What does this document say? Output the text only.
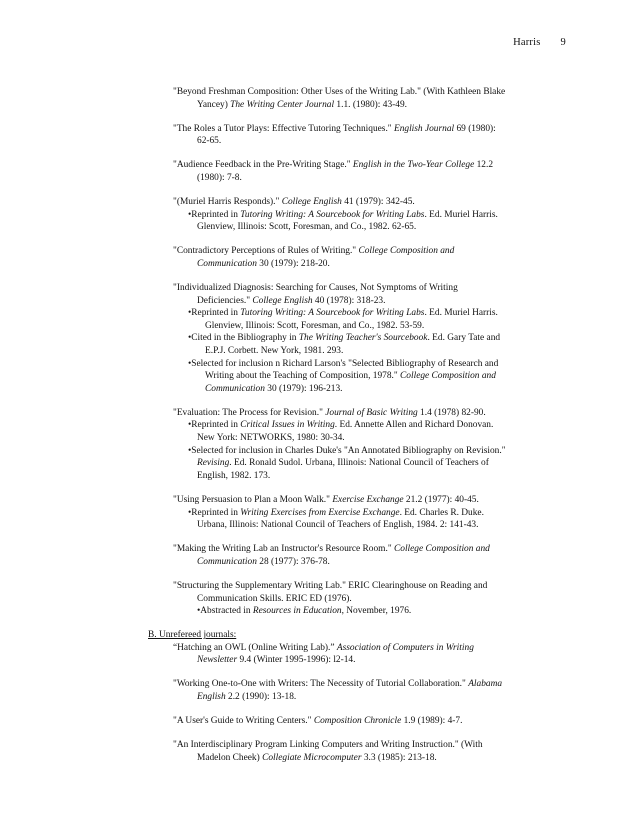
Harris 9
"Beyond Freshman Composition: Other Uses of the Writing Lab." (With Kathleen Blake
Yancey) The Writing Center Journal 1.1. (1980): 43-49.
"The Roles a Tutor Plays: Effective Tutoring Techniques." English Journal 69 (1980):
62-65.
"Audience Feedback in the Pre-Writing Stage." English in the Two-Year College 12.2
(1980): 7-8.
"(Muriel Harris Responds)." College English 41 (1979): 342-45.
•Reprinted in Tutoring Writing: A Sourcebook for Writing Labs. Ed. Muriel Harris.
Glenview, Illinois: Scott, Foresman, and Co., 1982. 62-65.
"Contradictory Perceptions of Rules of Writing." College Composition and
Communication 30 (1979): 218-20.
"Individualized Diagnosis: Searching for Causes, Not Symptoms of Writing
Deficiencies." College English 40 (1978): 318-23.
•Reprinted in Tutoring Writing: A Sourcebook for Writing Labs. Ed. Muriel Harris.
Glenview, Illinois: Scott, Foresman, and Co., 1982. 53-59.
•Cited in the Bibliography in The Writing Teacher's Sourcebook. Ed. Gary Tate and
E.P.J. Corbett. New York, 1981. 293.
•Selected for inclusion n Richard Larson's "Selected Bibliography of Research and
Writing about the Teaching of Composition, 1978." College Composition and
Communication 30 (1979): 196-213.
"Evaluation: The Process for Revision." Journal of Basic Writing 1.4 (1978) 82-90.
•Reprinted in Critical Issues in Writing. Ed. Annette Allen and Richard Donovan.
New York: NETWORKS, 1980: 30-34.
•Selected for inclusion in Charles Duke's "An Annotated Bibliography on Revision."
Revising. Ed. Ronald Sudol. Urbana, Illinois: National Council of Teachers of
English, 1982. 173.
"Using Persuasion to Plan a Moon Walk." Exercise Exchange 21.2 (1977): 40-45.
•Reprinted in Writing Exercises from Exercise Exchange. Ed. Charles R. Duke.
Urbana, Illinois: National Council of Teachers of English, 1984. 2: 141-43.
"Making the Writing Lab an Instructor's Resource Room." College Composition and
Communication 28 (1977): 376-78.
"Structuring the Supplementary Writing Lab." ERIC Clearinghouse on Reading and
Communication Skills. ERIC ED (1976).
•Abstracted in Resources in Education, November, 1976.
B. Unrefereed journals:
“Hatching an OWL (Online Writing Lab).” Association of Computers in Writing
Newsletter 9.4 (Winter 1995-1996): l2-14.
"Working One-to-One with Writers: The Necessity of Tutorial Collaboration." Alabama
English 2.2 (1990): 13-18.
"A User's Guide to Writing Centers." Composition Chronicle 1.9 (1989): 4-7.
"An Interdisciplinary Program Linking Computers and Writing Instruction." (With
Madelon Cheek) Collegiate Microcomputer 3.3 (1985): 213-18.
